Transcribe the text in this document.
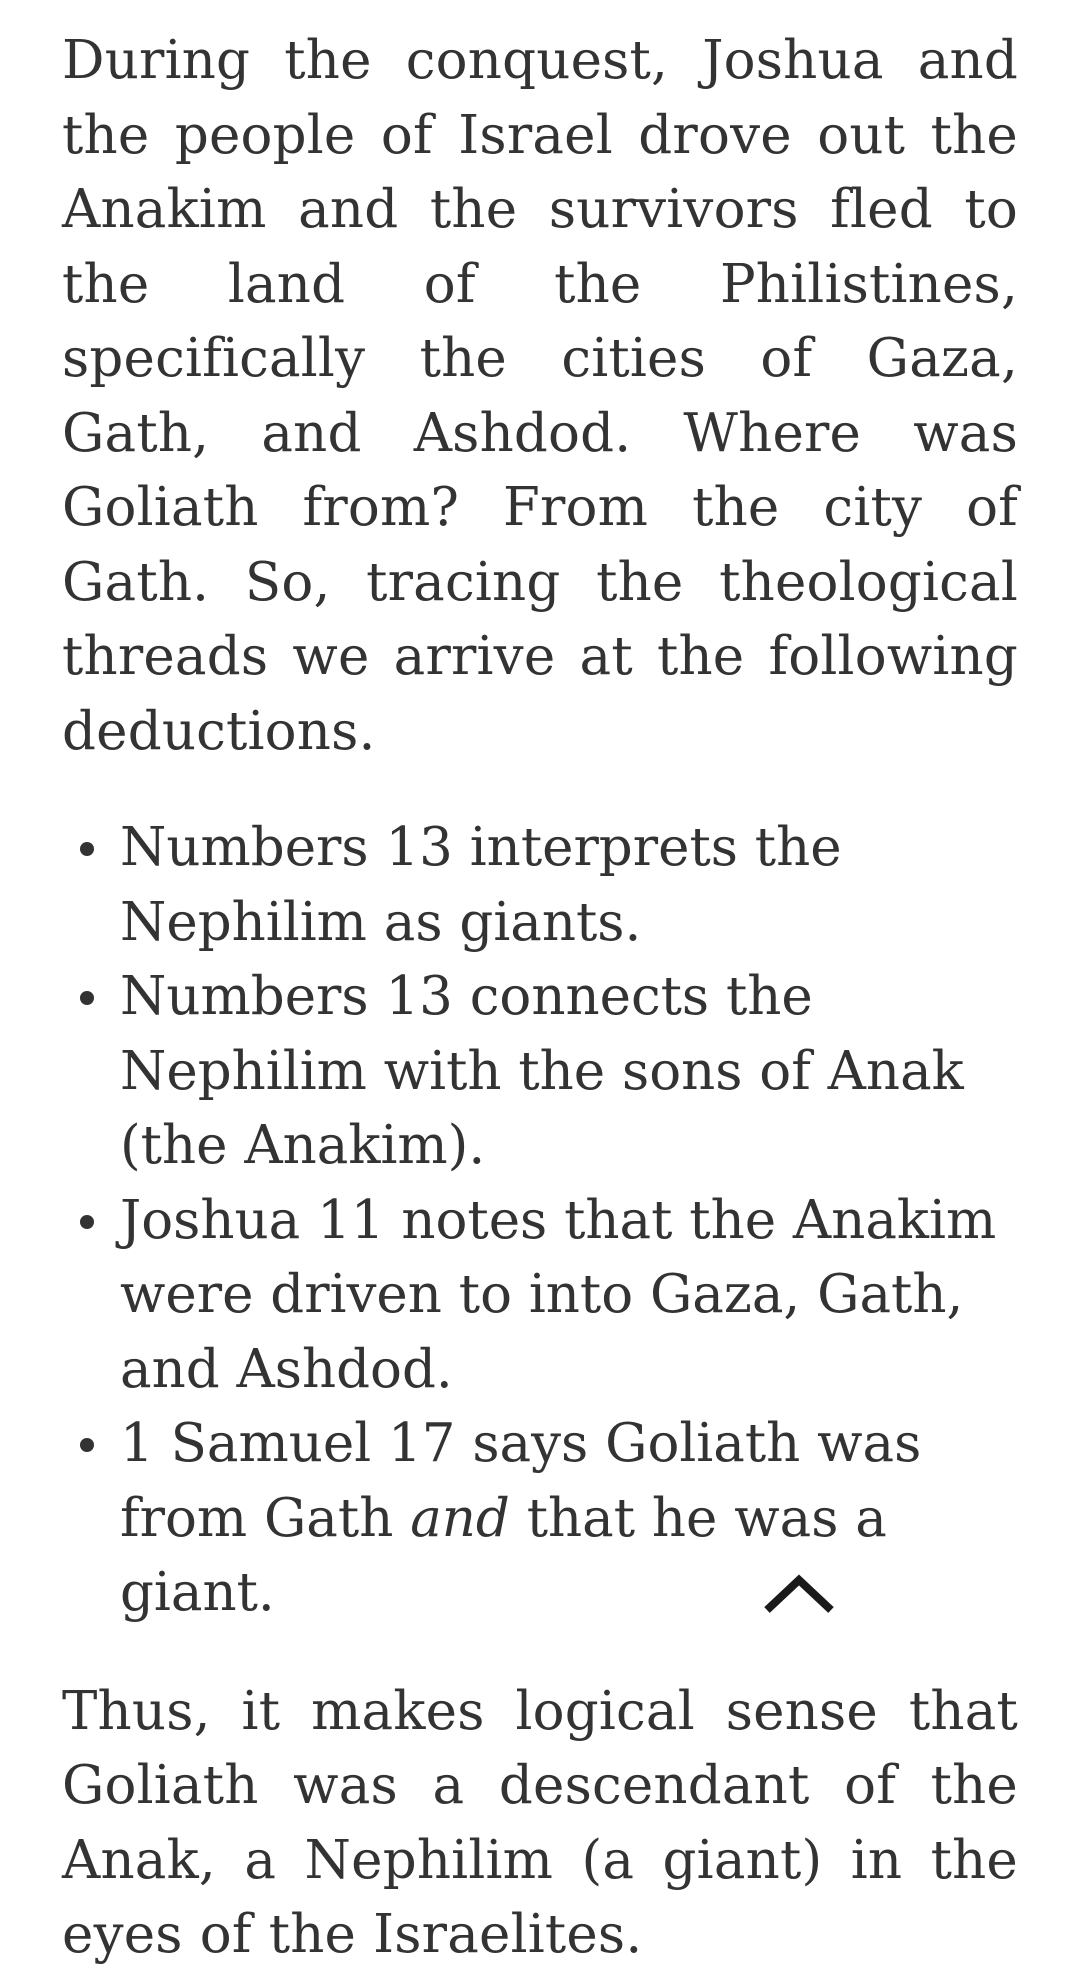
During the conquest, Joshua and the people of Israel drove out the Anakim and the survivors fled to the land of the Philistines, specifically the cities of Gaza, Gath, and Ashdod. Where was Goliath from? From the city of Gath. So, tracing the theological threads we arrive at the following deductions.

Numbers 13 interprets the Nephilim as giants.
Numbers 13 connects the Nephilim with the sons of Anak (the Anakim).
Joshua 11 notes that the Anakim were driven to into Gaza, Gath, and Ashdod.
1 Samuel 17 says Goliath was from Gath and that he was a giant.

Thus, it makes logical sense that Goliath was a descendant of the Anak, a Nephilim (a giant) in the eyes of the Israelites.
